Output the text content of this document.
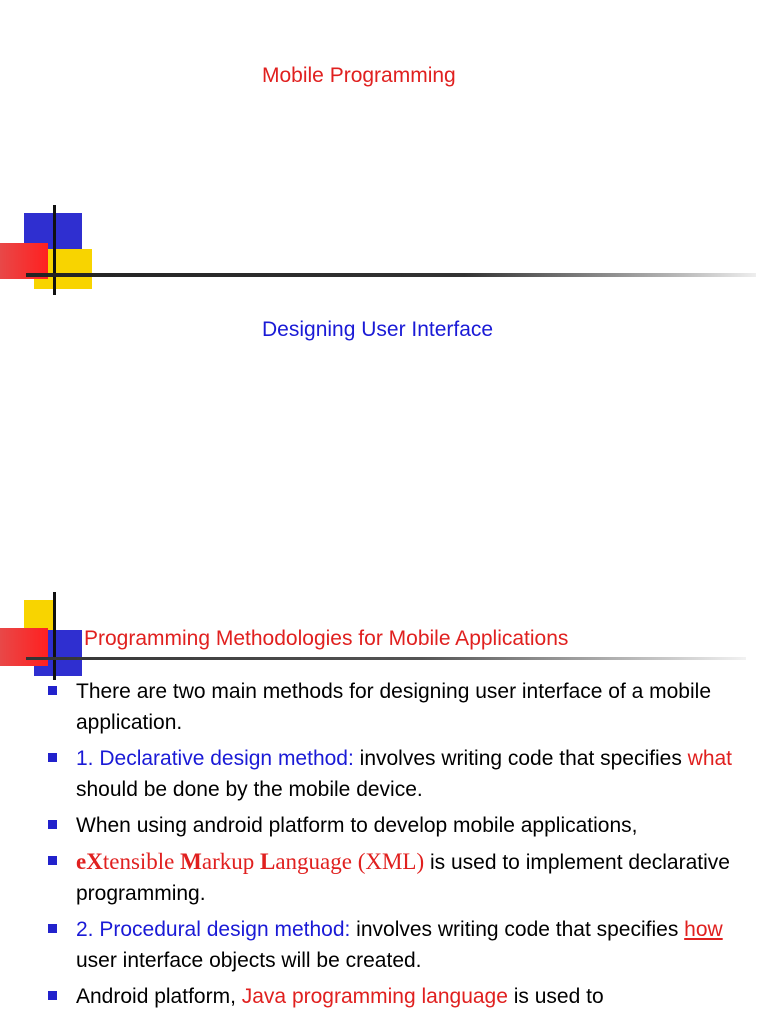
Mobile Programming
Designing User Interface
Programming Methodologies for Mobile Applications
There are two main methods for designing user interface of a mobile application.
1. Declarative design method: involves writing code that specifies what should be done by the mobile device.
When using android platform to develop mobile applications,
eXtensible Markup Language (XML) is used to implement declarative programming.
2. Procedural design method: involves writing code that specifies how user interface objects will be created.
Android platform, Java programming language is used to
